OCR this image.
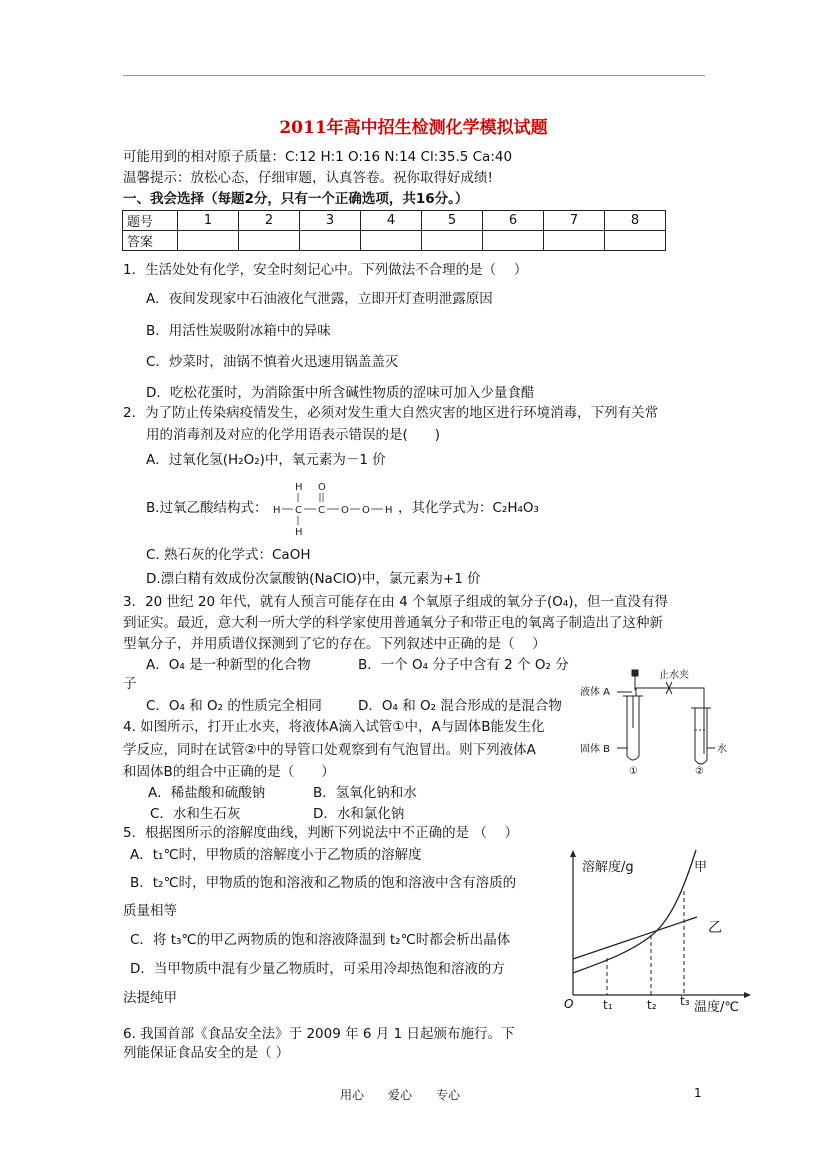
2011年高中招生检测化学模拟试题
可能用到的相对原子质量：C:12 H:1 O:16 N:14 Cl:35.5 Ca:40
温馨提示：放松心态，仔细审题，认真答卷。祝你取得好成绩!
一、我会选择（每题2分，只有一个正确选项，共16分。）
题号	1	2	3	4	5	6	7	8
答案								
1．生活处处有化学，安全时刻记心中。下列做法不合理的是（　 ）
A．夜间发现家中石油液化气泄露，立即开灯查明泄露原因
B．用活性炭吸附冰箱中的异味
C．炒菜时，油锅不慎着火迅速用锅盖盖灭
D．吃松花蛋时，为消除蛋中所含碱性物质的涩味可加入少量食醋
2．为了防止传染病疫情发生，必须对发生重大自然灾害的地区进行环境消毒，下列有关常
用的消毒剂及对应的化学用语表示错误的是(　　)
A．过氧化氢(H₂O₂)中，氧元素为－1 价
B.过氧乙酸结构式：
H O
H C C O O H
H
，其化学式为：C₂H₄O₃
C. 熟石灰的化学式：CaOH
D.漂白精有效成份次氯酸钠(NaClO)中，氯元素为+1 价
3．20 世纪 20 年代，就有人预言可能存在由 4 个氧原子组成的氧分子(O₄)，但一直没有得
到证实。最近，意大利一所大学的科学家使用普通氧分子和带正电的氧离子制造出了这种新
型氧分子，并用质谱仪探测到了它的存在。下列叙述中正确的是（　 ）
A．O₄ 是一种新型的化合物	B．一个 O₄ 分子中含有 2 个 O₂ 分
子
C．O₄ 和 O₂ 的性质完全相同	D．O₄ 和 O₂ 混合形成的是混合物
4. 如图所示，打开止水夹，将液体A滴入试管①中，A与固体B能发生化
学反应，同时在试管②中的导管口处观察到有气泡冒出。则下列液体A
和固体B的组合中正确的是（　　）
A．稀盐酸和硫酸钠	B．氢氧化钠和水
C．水和生石灰	D．水和氯化钠
液体 A
止水夹
固体 B	水
①	②
5．根据图所示的溶解度曲线，判断下列说法中不正确的是 （　 ）
A．t₁℃时，甲物质的溶解度小于乙物质的溶解度
B．t₂℃时，甲物质的饱和溶液和乙物质的饱和溶液中含有溶质的
质量相等
C．将 t₃℃的甲乙两物质的饱和溶液降温到 t₂℃时都会析出晶体
D．当甲物质中混有少量乙物质时，可采用冷却热饱和溶液的方
法提纯甲
溶解度/g	甲
乙
O t₁	t₂ t₃ 温度/℃
6. 我国首部《食品安全法》于 2009 年 6 月 1 日起颁布施行。下
列能保证食品安全的是（ ）
用心　　爱心　　专心	1
